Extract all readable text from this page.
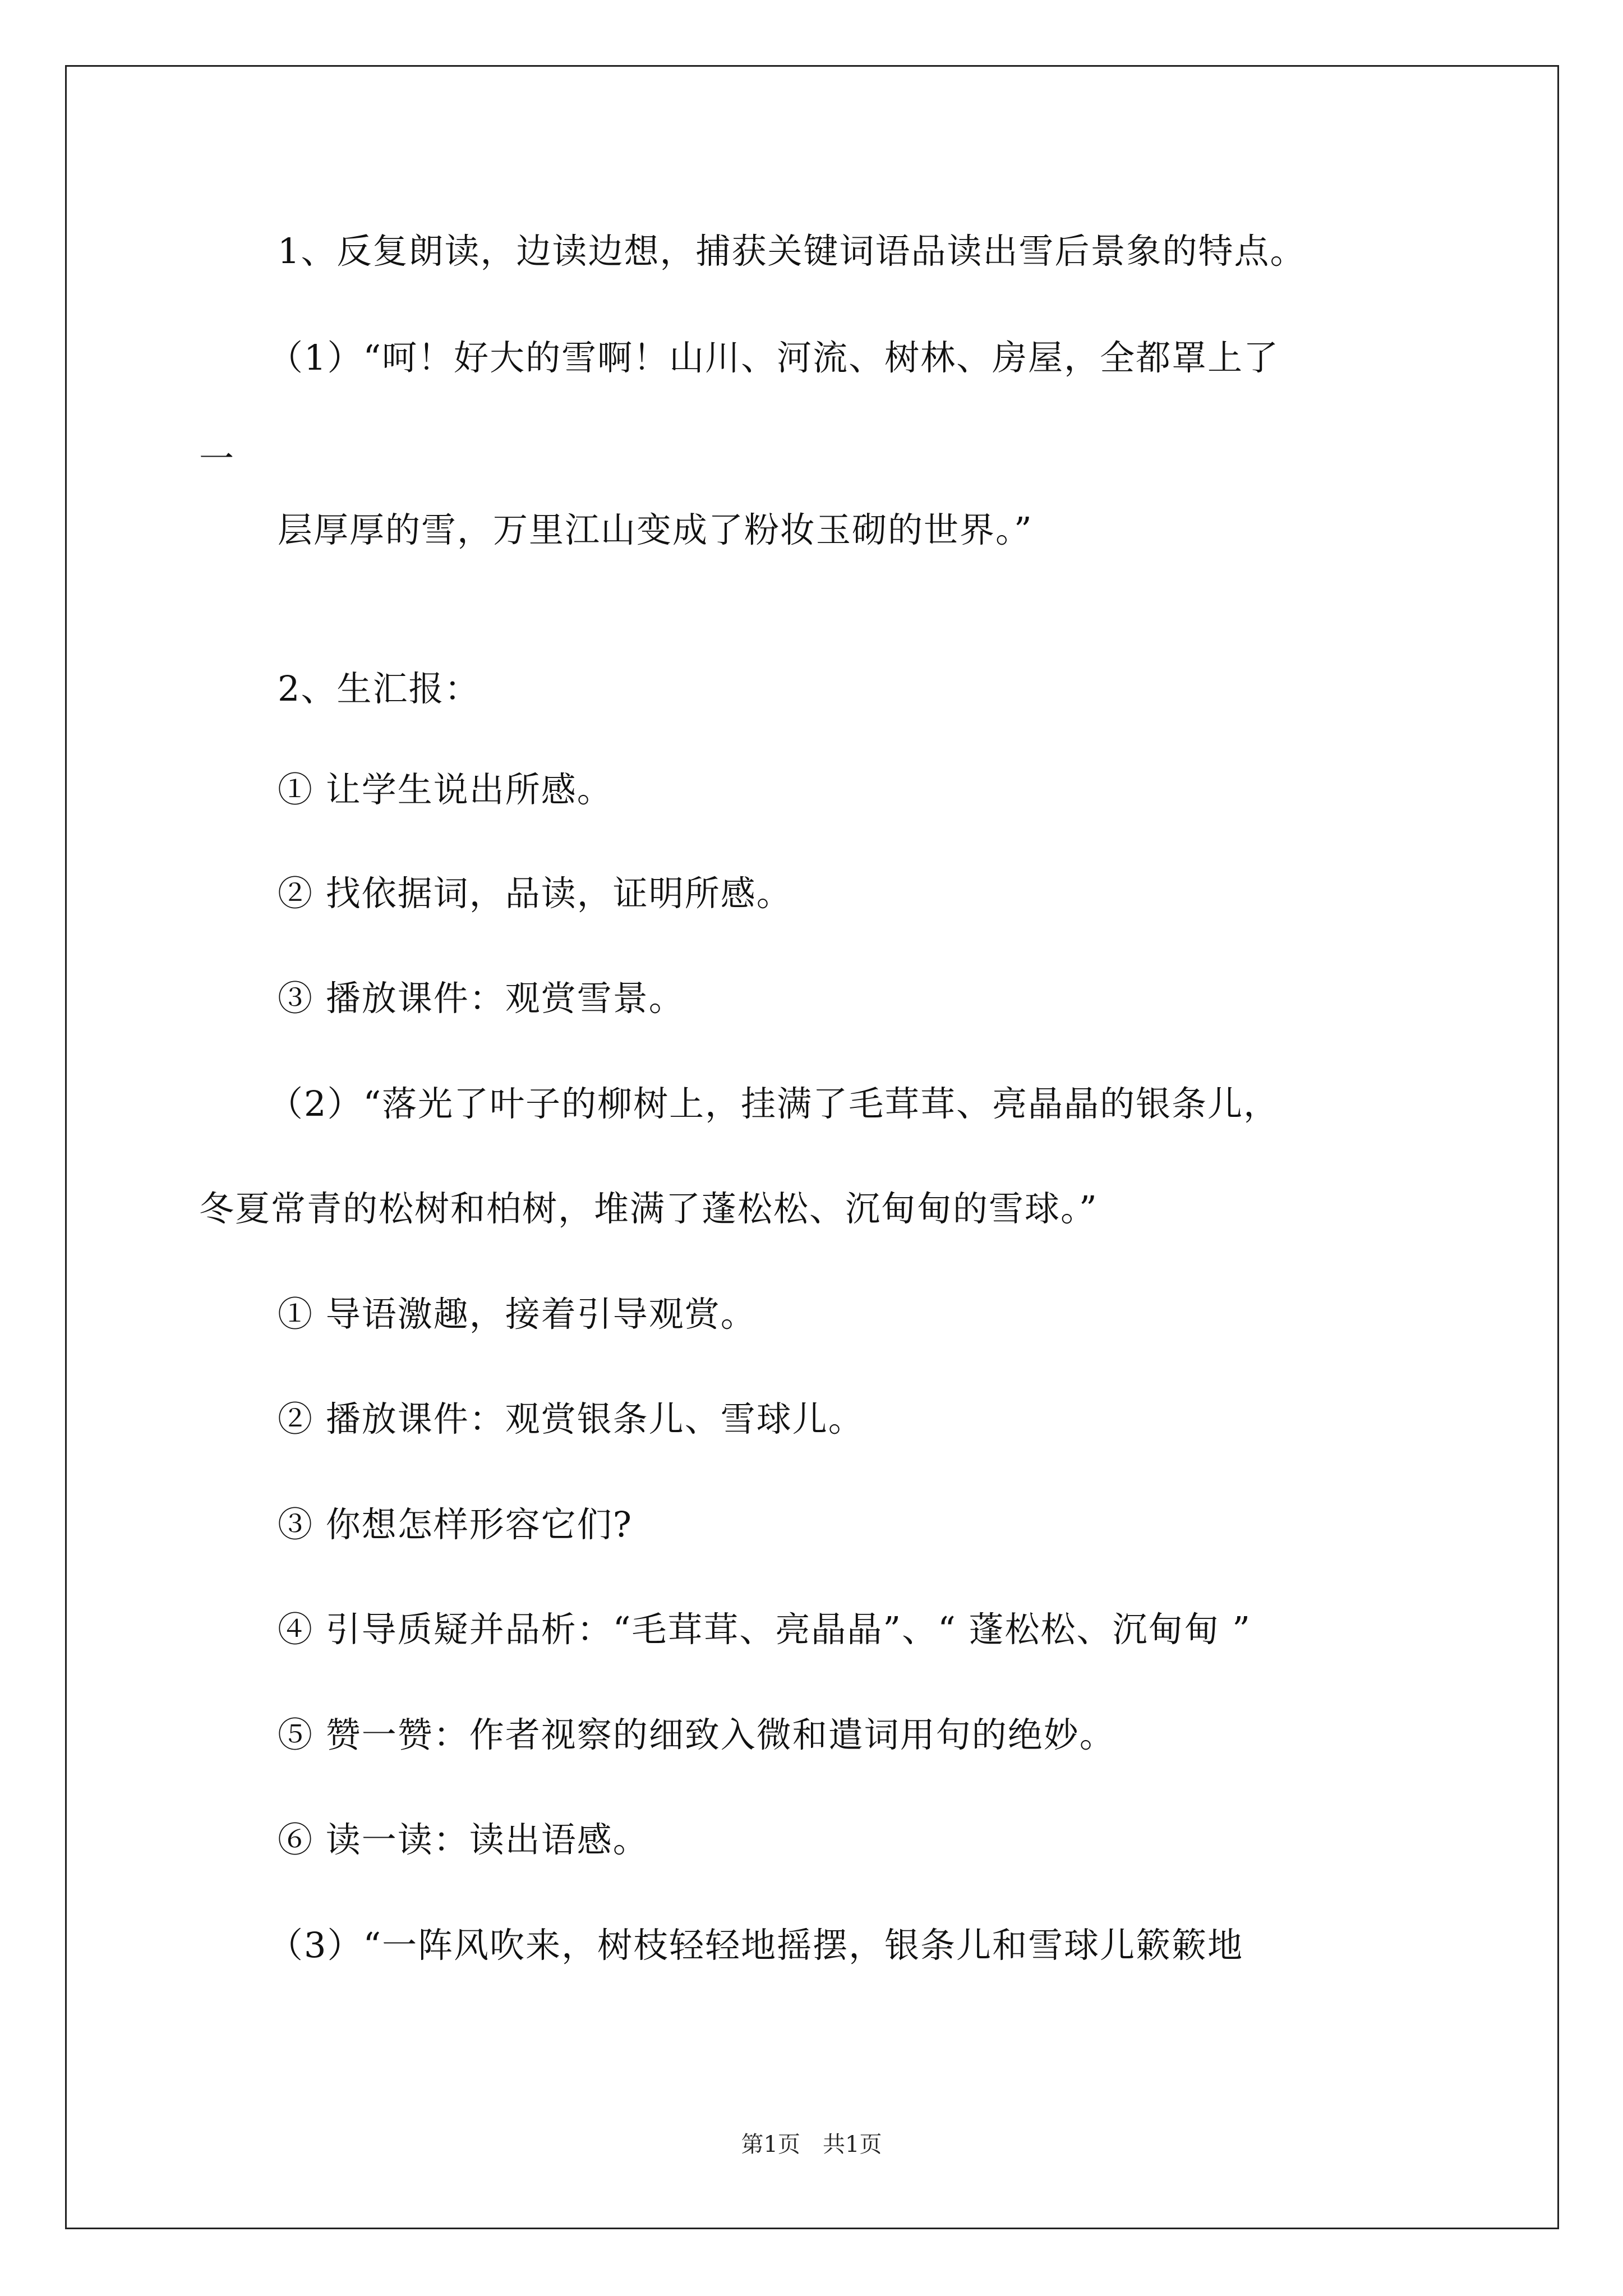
1、反复朗读，边读边想，捕获关键词语品读出雪后景象的特点。
（1）“呵！好大的雪啊！山川、河流、树林、房屋，全都罩上了
一
层厚厚的雪，万里江山变成了粉妆玉砌的世界。”
2、生汇报：
① 让学生说出所感。
② 找依据词，品读，证明所感。
③ 播放课件：观赏雪景。
（2）“落光了叶子的柳树上，挂满了毛茸茸、亮晶晶的银条儿，
冬夏常青的松树和柏树，堆满了蓬松松、沉甸甸的雪球。”
① 导语激趣，接着引导观赏。
② 播放课件：观赏银条儿、雪球儿。
③ 你想怎样形容它们?
④ 引导质疑并品析：“毛茸茸、亮晶晶”、“ 蓬松松、沉甸甸 ”
⑤ 赞一赞：作者视察的细致入微和遣词用句的绝妙。
⑥ 读一读：读出语感。
（3）“一阵风吹来，树枝轻轻地摇摆，银条儿和雪球儿簌簌地
第1页　共1页
